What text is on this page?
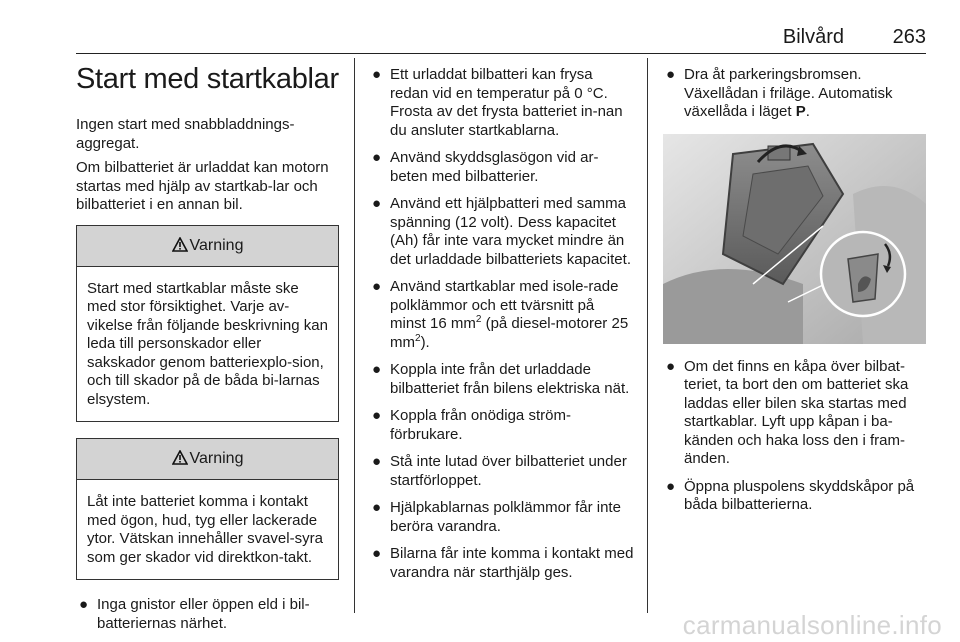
Bilvård 263
Start med startkablar

Ingen start med snabbladdnings-aggregat.

Om bilbatteriet är urladdat kan motorn startas med hjälp av startkab-lar och bilbatteriet i en annan bil.

Varning
Start med startkablar måste ske med stor försiktighet. Varje av-vikelse från följande beskrivning kan leda till personskador eller sakskador genom batteriexplo-sion, och till skador på de båda bi-larnas elsystem.
Varning
Låt inte batteriet komma i kontakt med ögon, hud, tyg eller lackerade ytor. Vätskan innehåller svavel-syra som ger skador vid direktkon-takt.
● Inga gnistor eller öppen eld i bil-batteriernas närhet.
● Ett urladdat bilbatteri kan frysa redan vid en temperatur på 0 °C. Frosta av det frysta batteriet in-nan du ansluter startkablarna.
● Använd skyddsglasögon vid ar-beten med bilbatterier.
● Använd ett hjälpbatteri med samma spänning (12 volt). Dess kapacitet (Ah) får inte vara mycket mindre än det urladdade bilbatteriets kapacitet.
● Använd startkablar med isole-rade polklämmor och ett tvärsnitt på minst 16 $mm^2$ (på diesel-motorer 25 $mm^2$).
● Koppla inte från det urladdade bilbatteriet från bilens elektriska nät.
● Koppla från onödiga ström-förbrukare.
● Stå inte lutad över bilbatteriet under startförloppet.
● Hjälpkablarnas polklämmor får inte beröra varandra.
● Bilarna får inte komma i kontakt med varandra när starthjälp ges.
● Dra åt parkeringsbromsen. Växellådan i friläge. Automatisk växellåda i läget P.
● Om det finns en kåpa över bilbat-teriet, ta bort den om batteriet ska laddas eller bilen ska startas med startkablar. Lyft upp kåpan i ba-känden och haka loss den i fram-änden.
● Öppna pluspolens skyddskåpor på båda bilbatterierna.
carmanualsonline.info
